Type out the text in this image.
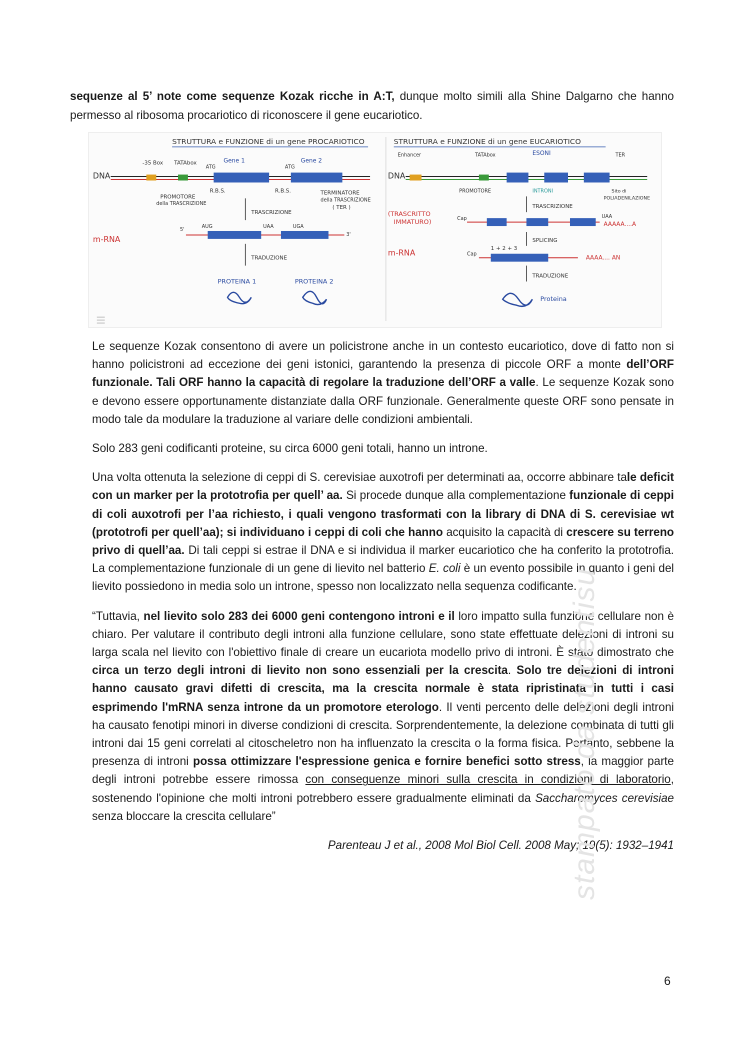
sequenze al 5’ note come sequenze Kozak ricche in A:T, dunque molto simili alla Shine Dalgarno che hanno permesso al ribosoma procariotico di riconoscere il gene eucariotico.

STRUTTURA e FUNZIONE di un gene PROCARIOTICO
DNA
-35 Box TATAbox	Gene 1	Gene 2
ATG	ATG
R.B.S.	R.B.S.
PROMOTORE
della TRASCRIZIONE
TERMINATORE
della TRASCRIZIONE
( TER )
TRASCRIZIONE
m-RNA
5'	UAA	UGA
AUG
3'
TRADUZIONE
PROTEINA 1	PROTEINA 2
STRUTTURA e FUNZIONE di un gene EUCARIOTICO
DNA
Enhancer	TATAbox	ESONI	TER
PROMOTORE	INTRONI	Sito di
POLIADENILAZIONE
TRASCRIZIONE
(TRASCRITTO
IMMATURO)	Cap	UAA
AAAAA....A
SPLICING
m-RNA	1 + 2 + 3
Cap	AAAA.... AN
TRADUZIONE
Proteina

Le sequenze Kozak consentono di avere un policistrone anche in un contesto eucariotico, dove di fatto non si hanno policistroni ad eccezione dei geni istonici, garantendo la presenza di piccole ORF a monte dell’ORF funzionale. Tali ORF hanno la capacità di regolare la traduzione dell’ORF a valle. Le sequenze Kozak sono e devono essere opportunamente distanziate dalla ORF funzionale. Generalmente queste ORF sono pensate in modo tale da modulare la traduzione al variare delle condizioni ambientali.

Solo 283 geni codificanti proteine, su circa 6000 geni totali, hanno un introne.

Una volta ottenuta la selezione di ceppi di S. cerevisiae auxotrofi per determinati aa, occorre abbinare tale deficit con un marker per la prototrofia per quell’ aa. Si procede dunque alla complementazione funzionale di ceppi di coli auxotrofi per l’aa richiesto, i quali vengono trasformati con la library di DNA di S. cerevisiae wt (prototrofi per quell’aa); si individuano i ceppi di coli che hanno acquisito la capacità di crescere su terreno privo di quell’aa. Di tali ceppi si estrae il DNA e si individua il marker eucariotico che ha conferito la prototrofia. La complementazione funzionale di un gene di lievito nel batterio E. coli è un evento possibile in quanto i geni del lievito possiedono in media solo un introne, spesso non localizzato nella sequenza codificante.

“Tuttavia, nel lievito solo 283 dei 6000 geni contengono introni e il loro impatto sulla funzione cellulare non è chiaro. Per valutare il contributo degli introni alla funzione cellulare, sono state effettuate delezioni di introni su larga scala nel lievito con l'obiettivo finale di creare un eucariota modello privo di introni. È stato dimostrato che circa un terzo degli introni di lievito non sono essenziali per la crescita. Solo tre delezioni di introni hanno causato gravi difetti di crescita, ma la crescita normale è stata ripristinata in tutti i casi esprimendo l'mRNA senza introne da un promotore eterologo. Il venti percento delle delezioni degli introni ha causato fenotipi minori in diverse condizioni di crescita. Sorprendentemente, la delezione combinata di tutti gli introni dai 15 geni correlati al citoscheletro non ha influenzato la crescita o la forma fisica. Pertanto, sebbene la presenza di introni possa ottimizzare l'espressione genica e fornire benefici sotto stress, la maggior parte degli introni potrebbe essere rimossa con conseguenze minori sulla crescita in condizioni di laboratorio, sostenendo l'opinione che molti introni potrebbero essere gradualmente eliminati da Saccharomyces cerevisiae senza bloccare la crescita cellulare”

Parenteau J et al., 2008 Mol Biol Cell. 2008 May; 19(5): 1932–1941

stampato da studentisu
6
